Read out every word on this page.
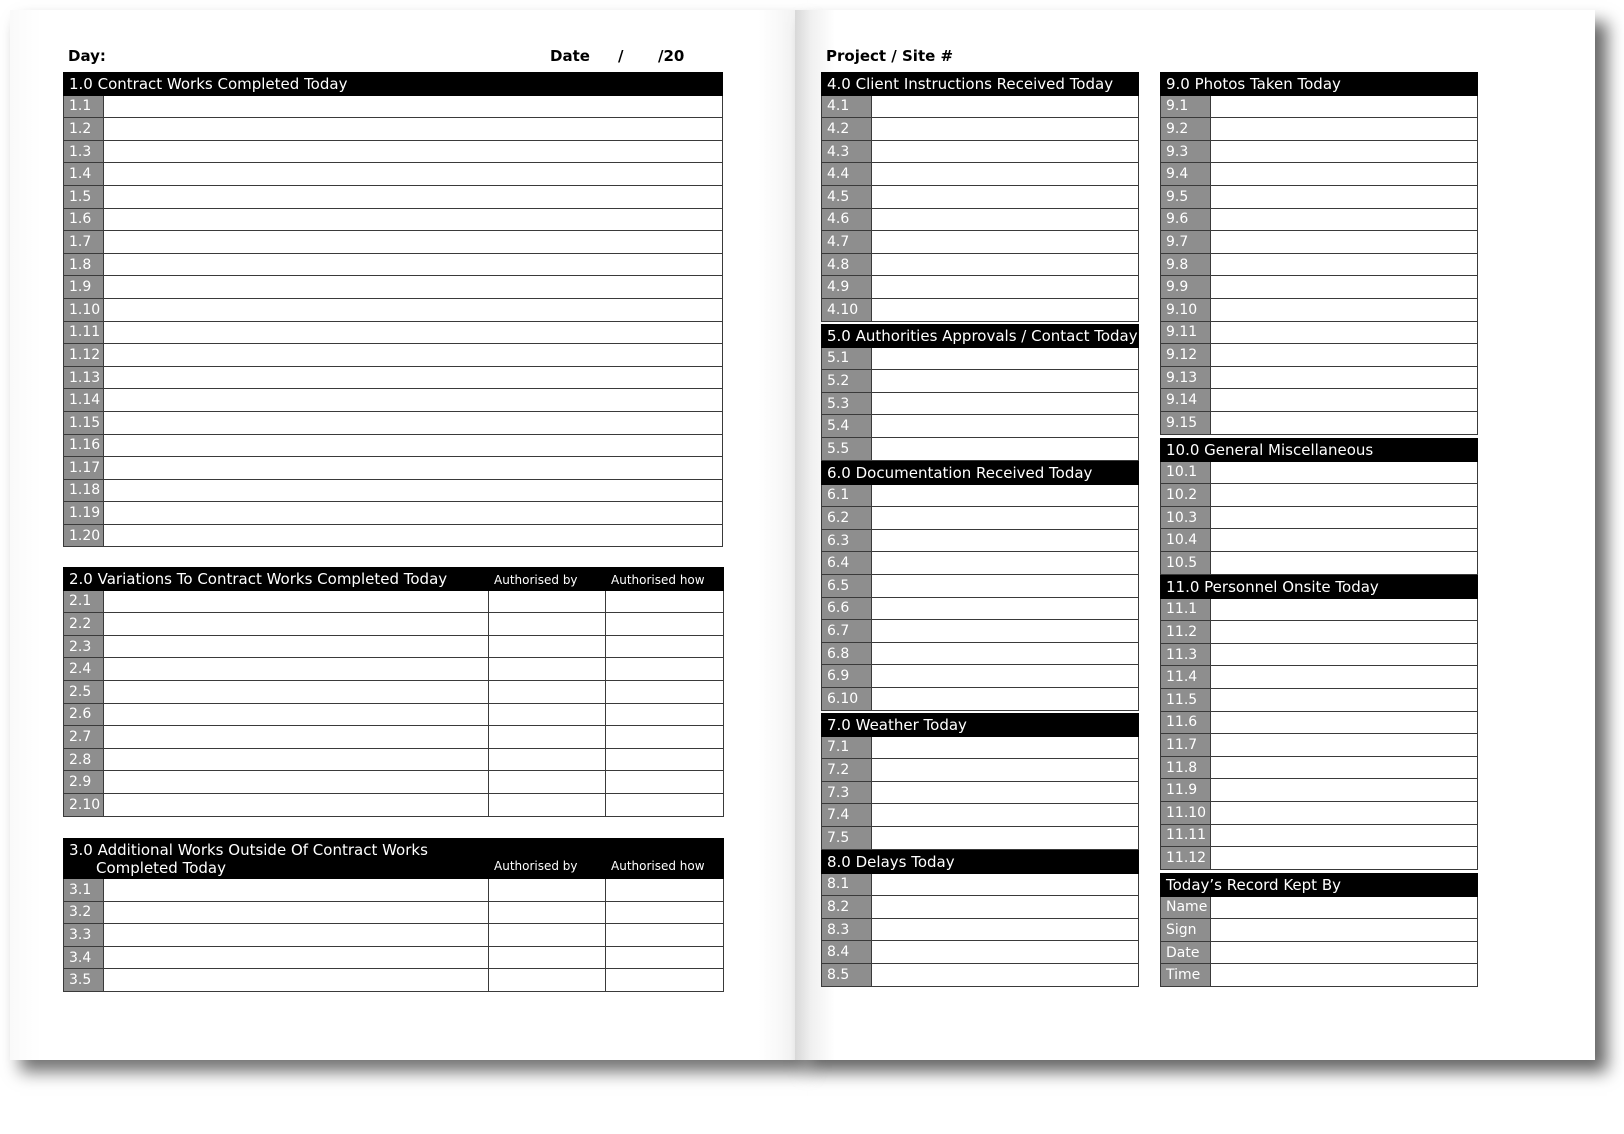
Day:	Date / /20
1.0 Contract Works Completed Today	
1.1	
1.2	
1.3	
1.4	
1.5	
1.6	
1.7	
1.8	
1.9	
1.10	
1.11	
1.12	
1.13	
1.14	
1.15	
1.16	
1.17	
1.18	
1.19	
1.20	
2.0 Variations To Contract Works Completed Today		Authorised by	Authorised how
2.1			
2.2			
2.3			
2.4			
2.5			
2.6			
2.7			
2.8			
2.9			
2.10			
3.0 Additional Works Outside Of Contract Works
Completed Today		Authorised by	Authorised how
3.1			
3.2			
3.3			
3.4			
3.5			
Project / Site #
4.0 Client Instructions Received Today	
4.1	
4.2	
4.3	
4.4	
4.5	
4.6	
4.7	
4.8	
4.9	
4.10	
5.0 Authorities Approvals / Contact Today	
5.1	
5.2	
5.3	
5.4	
5.5	
6.0 Documentation Received Today	
6.1	
6.2	
6.3	
6.4	
6.5	
6.6	
6.7	
6.8	
6.9	
6.10	
7.0 Weather Today	
7.1	
7.2	
7.3	
7.4	
7.5	
8.0 Delays Today	
8.1	
8.2	
8.3	
8.4	
8.5	
9.0 Photos Taken Today	
9.1	
9.2	
9.3	
9.4	
9.5	
9.6	
9.7	
9.8	
9.9	
9.10	
9.11	
9.12	
9.13	
9.14	
9.15	
10.0 General Miscellaneous	
10.1	
10.2	
10.3	
10.4	
10.5	
11.0 Personnel Onsite Today	
11.1	
11.2	
11.3	
11.4	
11.5	
11.6	
11.7	
11.8	
11.9	
11.10	
11.11	
11.12	
Today’s Record Kept By	
Name	
Sign	
Date	
Time	
